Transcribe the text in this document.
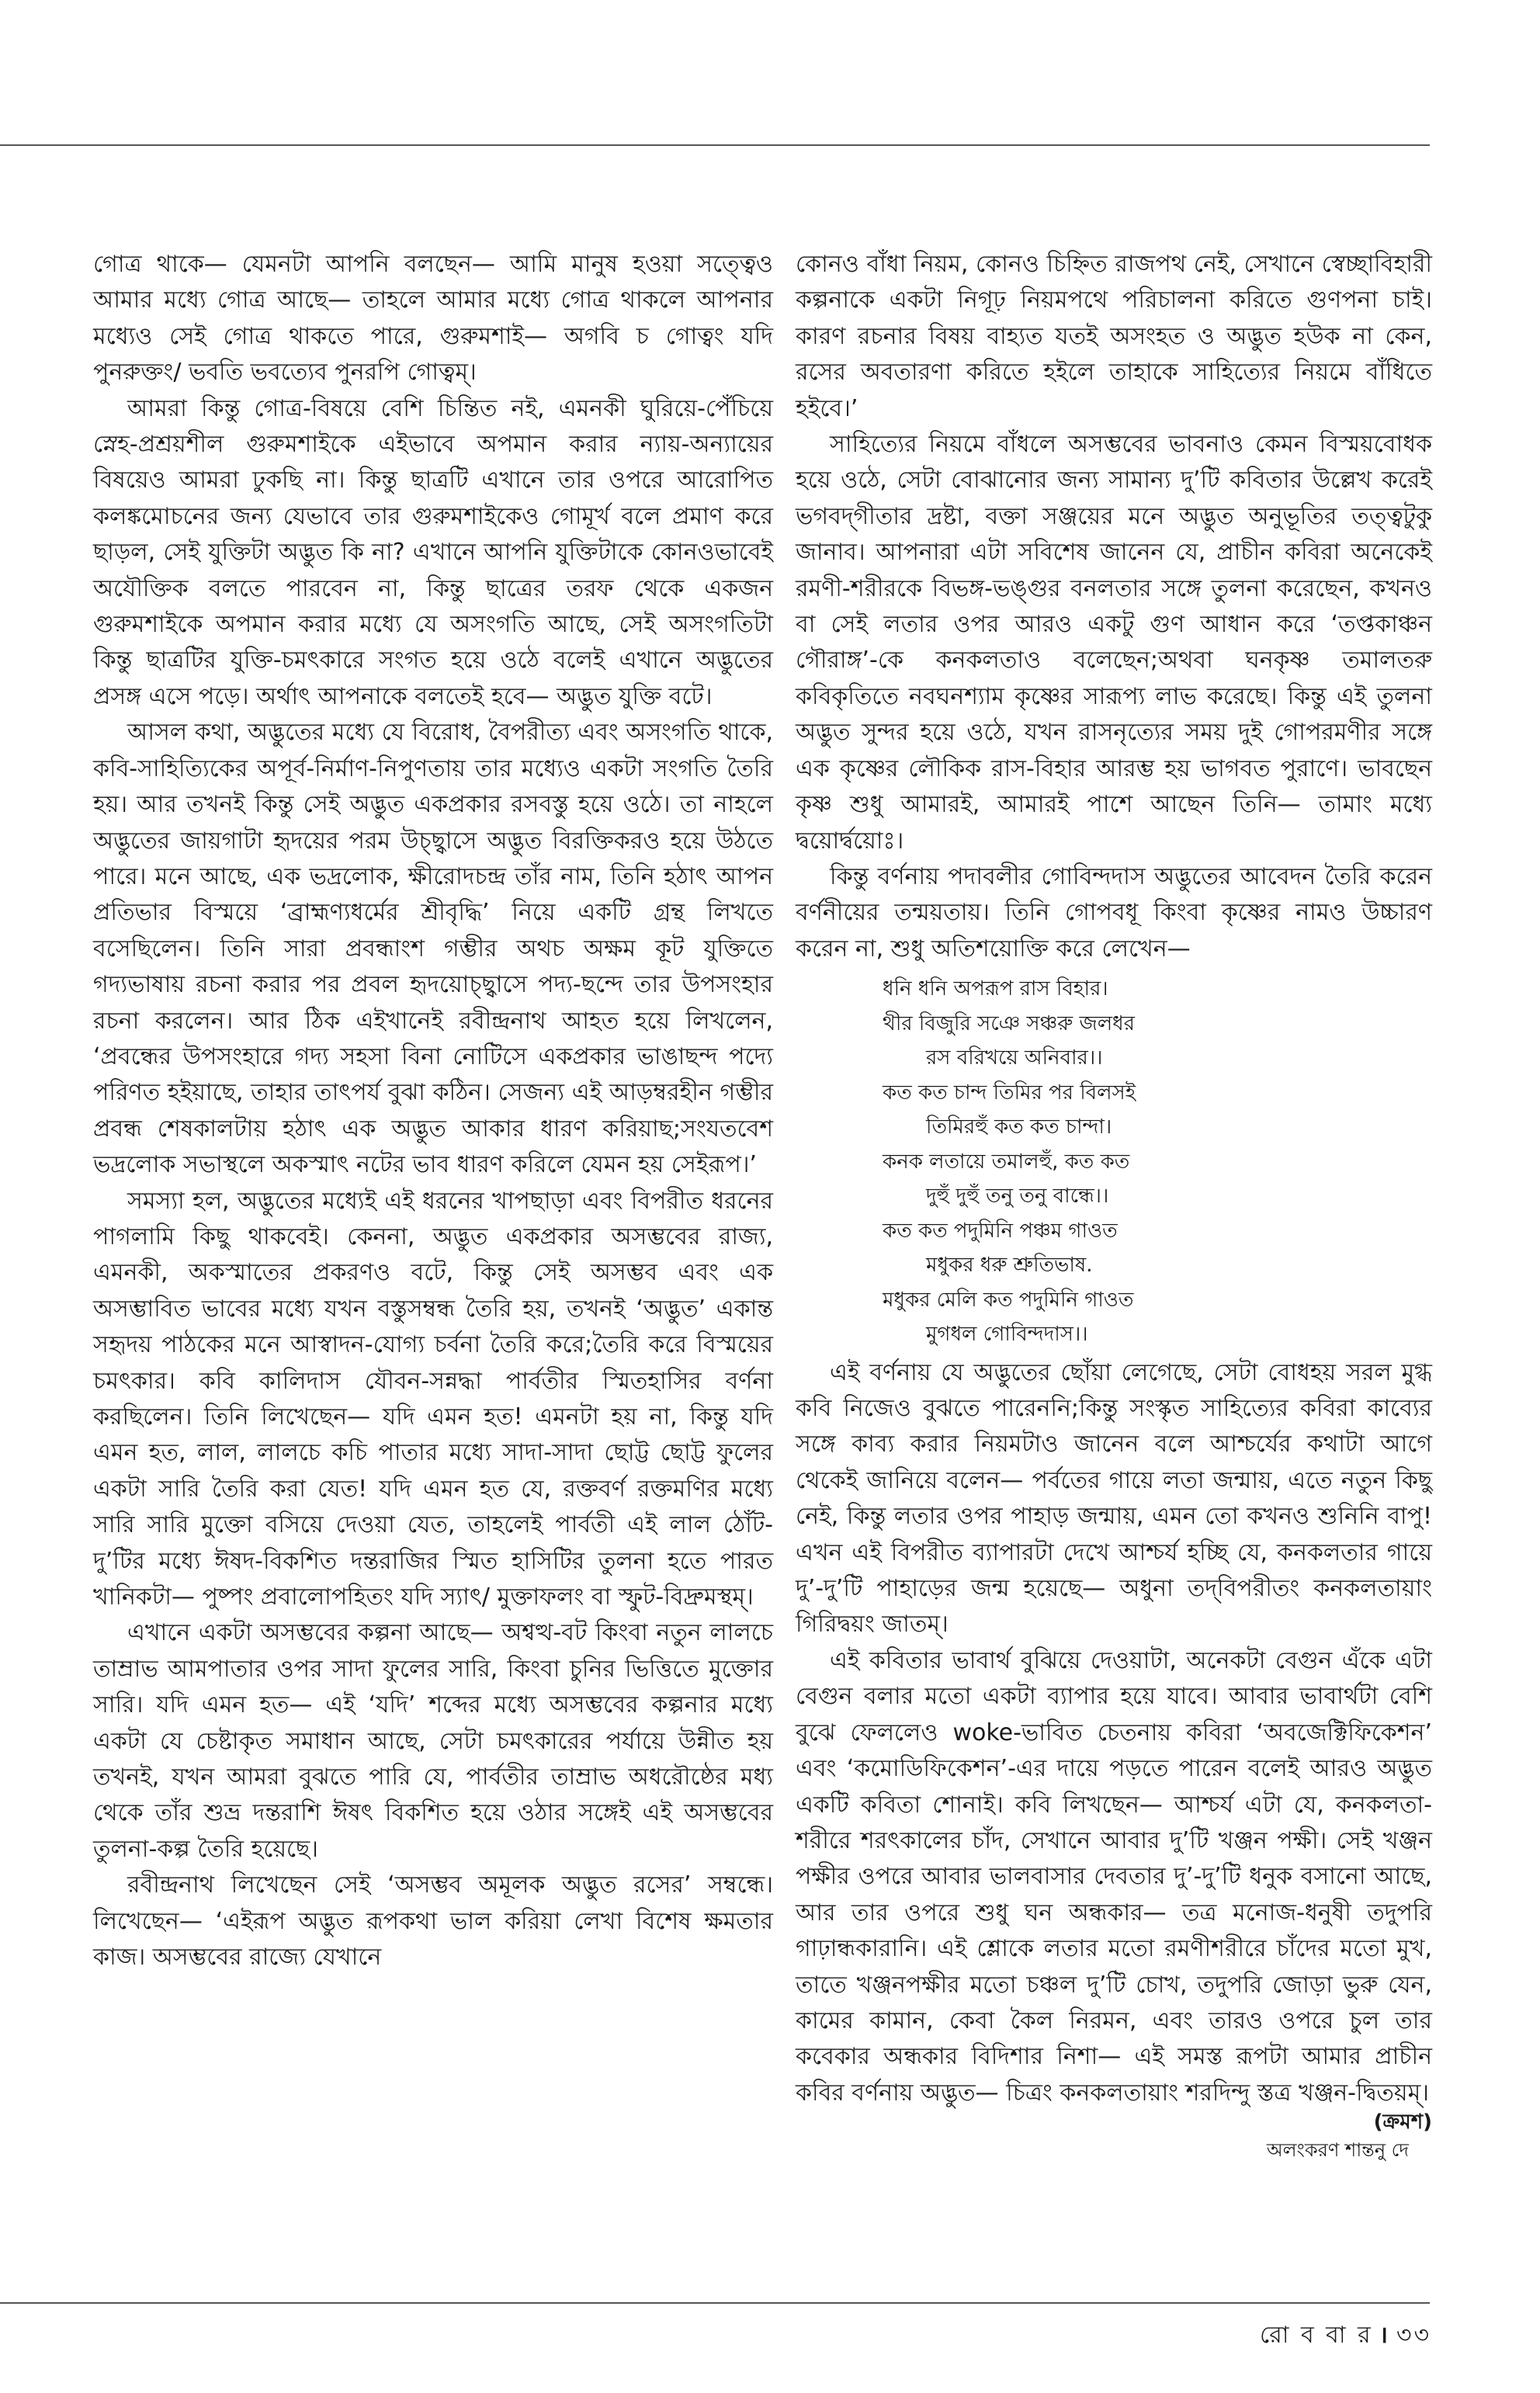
গোত্র থাকে— যেমনটা আপনি বলছেন— আমি মানুষ হওয়া সত্ত্বেও আমার মধ্যে গোত্র আছে— তাহলে আমার মধ্যে গোত্র থাকলে আপনার মধ্যেও সেই গোত্র থাকতে পারে, গুরুমশাই— অগবি চ গোত্বং যদি পুনরুক্তং/ ভবতি ভবত্যেব পুনরপি গোত্বম্।

আমরা কিন্তু গোত্র-বিষয়ে বেশি চিন্তিত নই, এমনকী ঘুরিয়ে-পেঁচিয়ে স্নেহ-প্রশ্রয়শীল গুরুমশাইকে এইভাবে অপমান করার ন্যায়-অন্যায়ের বিষয়েও আমরা ঢুকছি না। কিন্তু ছাত্রটি এখানে তার ওপরে আরোপিত কলঙ্কমোচনের জন্য যেভাবে তার গুরুমশাইকেও গোমূর্খ বলে প্রমাণ করে ছাড়ল, সেই যুক্তিটা অদ্ভুত কি না? এখানে আপনি যুক্তিটাকে কোনওভাবেই অযৌক্তিক বলতে পারবেন না, কিন্তু ছাত্রের তরফ থেকে একজন গুরুমশাইকে অপমান করার মধ্যে যে অসংগতি আছে, সেই অসংগতিটা কিন্তু ছাত্রটির যুক্তি-চমৎকারে সংগত হয়ে ওঠে বলেই এখানে অদ্ভুতের প্রসঙ্গ এসে পড়ে। অর্থাৎ আপনাকে বলতেই হবে— অদ্ভুত যুক্তি বটে।

আসল কথা, অদ্ভুতের মধ্যে যে বিরোধ, বৈপরীত্য এবং অসংগতি থাকে, কবি-সাহিত্যিকের অপূর্ব-নির্মাণ-নিপুণতায় তার মধ্যেও একটা সংগতি তৈরি হয়। আর তখনই কিন্তু সেই অদ্ভুত একপ্রকার রসবস্তু হয়ে ওঠে। তা নাহলে অদ্ভুতের জায়গাটা হৃদয়ের পরম উচ্ছ্বাসে অদ্ভুত বিরক্তিকরও হয়ে উঠতে পারে। মনে আছে, এক ভদ্রলোক, ক্ষীরোদচন্দ্র তাঁর নাম, তিনি হঠাৎ আপন প্রতিভার বিস্ময়ে ‘ব্রাহ্মণ্যধর্মের শ্রীবৃদ্ধি’ নিয়ে একটি গ্রন্থ লিখতে বসেছিলেন। তিনি সারা প্রবন্ধাংশ গম্ভীর অথচ অক্ষম কূট যুক্তিতে গদ্যভাষায় রচনা করার পর প্রবল হৃদয়োচ্ছ্বাসে পদ্য-ছন্দে তার উপসংহার রচনা করলেন। আর ঠিক এইখানেই রবীন্দ্রনাথ আহত হয়ে লিখলেন, ‘প্রবন্ধের উপসংহারে গদ্য সহসা বিনা নোটিসে একপ্রকার ভাঙাছন্দ পদ্যে পরিণত হইয়াছে, তাহার তাৎপর্য বুঝা কঠিন। সেজন্য এই আড়ম্বরহীন গম্ভীর প্রবন্ধ শেষকালটায় হঠাৎ এক অদ্ভুত আকার ধারণ করিয়াছ;সংযতবেশ ভদ্রলোক সভাস্থলে অকস্মাৎ নটের ভাব ধারণ করিলে যেমন হয় সেইরূপ।’

সমস্যা হল, অদ্ভুতের মধ্যেই এই ধরনের খাপছাড়া এবং বিপরীত ধরনের পাগলামি কিছু থাকবেই। কেননা, অদ্ভুত একপ্রকার অসম্ভবের রাজ্য, এমনকী, অকস্মাতের প্রকরণও বটে, কিন্তু সেই অসম্ভব এবং এক অসম্ভাবিত ভাবের মধ্যে যখন বস্তুসম্বন্ধ তৈরি হয়, তখনই ‘অদ্ভুত’ একান্ত সহৃদয় পাঠকের মনে আস্বাদন-যোগ্য চর্বনা তৈরি করে;তৈরি করে বিস্ময়ের চমৎকার। কবি কালিদাস যৌবন-সন্নদ্ধা পার্বতীর স্মিতহাসির বর্ণনা করছিলেন। তিনি লিখেছেন— যদি এমন হত! এমনটা হয় না, কিন্তু যদি এমন হত, লাল, লালচে কচি পাতার মধ্যে সাদা-সাদা ছোট্ট ছোট্ট ফুলের একটা সারি তৈরি করা যেত! যদি এমন হত যে, রক্তবর্ণ রক্তমণির মধ্যে সারি সারি মুক্তো বসিয়ে দেওয়া যেত, তাহলেই পার্বতী এই লাল ঠোঁট-দু’টির মধ্যে ঈষদ-বিকশিত দন্তরাজির স্মিত হাসিটির তুলনা হতে পারত খানিকটা— পুষ্পং প্রবালোপহিতং যদি স্যাৎ/ মুক্তাফলং বা স্ফুট-বিদ্রুমস্থম্।

এখানে একটা অসম্ভবের কল্পনা আছে— অশ্বত্থ-বট কিংবা নতুন লালচে তাম্রাভ আমপাতার ওপর সাদা ফুলের সারি, কিংবা চুনির ভিত্তিতে মুক্তোর সারি। যদি এমন হত— এই ‘যদি’ শব্দের মধ্যে অসম্ভবের কল্পনার মধ্যে একটা যে চেষ্টাকৃত সমাধান আছে, সেটা চমৎকারের পর্যায়ে উন্নীত হয় তখনই, যখন আমরা বুঝতে পারি যে, পার্বতীর তাম্রাভ অধরৌষ্ঠের মধ্য থেকে তাঁর শুভ্র দন্তরাশি ঈষৎ বিকশিত হয়ে ওঠার সঙ্গেই এই অসম্ভবের তুলনা-কল্প তৈরি হয়েছে।

রবীন্দ্রনাথ লিখেছেন সেই ‘অসম্ভব অমূলক অদ্ভুত রসের’ সম্বন্ধে। লিখেছেন— ‘এইরূপ অদ্ভুত রূপকথা ভাল করিয়া লেখা বিশেষ ক্ষমতার কাজ। অসম্ভবের রাজ্যে যেখানে

কোনও বাঁধা নিয়ম, কোনও চিহ্নিত রাজপথ নেই, সেখানে স্বেচ্ছাবিহারী কল্পনাকে একটা নিগূঢ় নিয়মপথে পরিচালনা করিতে গুণপনা চাই। কারণ রচনার বিষয় বাহ্যত যতই অসংহত ও অদ্ভুত হউক না কেন, রসের অবতারণা করিতে হইলে তাহাকে সাহিত্যের নিয়মে বাঁধিতে হইবে।’

সাহিত্যের নিয়মে বাঁধলে অসম্ভবের ভাবনাও কেমন বিস্ময়বোধক হয়ে ওঠে, সেটা বোঝানোর জন্য সামান্য দু’টি কবিতার উল্লেখ করেই ভগবদ্‌গীতার দ্রষ্টা, বক্তা সঞ্জয়ের মনে অদ্ভুত অনুভূতির তত্ত্বটুকু জানাব। আপনারা এটা সবিশেষ জানেন যে, প্রাচীন কবিরা অনেকেই রমণী-শরীরকে বিভঙ্গ-ভঙ্গুর বনলতার সঙ্গে তুলনা করেছেন, কখনও বা সেই লতার ওপর আরও একটু গুণ আধান করে ‘তপ্তকাঞ্চন গৌরাঙ্গ’-কে কনকলতাও বলেছেন;অথবা ঘনকৃষ্ণ তমালতরু কবিকৃতিতে নবঘনশ্যাম কৃষ্ণের সারূপ্য লাভ করেছে। কিন্তু এই তুলনা অদ্ভুত সুন্দর হয়ে ওঠে, যখন রাসনৃত্যের সময় দুই গোপরমণীর সঙ্গে এক কৃষ্ণের লৌকিক রাস-বিহার আরম্ভ হয় ভাগবত পুরাণে। ভাবছেন কৃষ্ণ শুধু আমারই, আমারই পাশে আছেন তিনি— তামাং মধ্যে দ্বয়োর্দ্বয়োঃ।

কিন্তু বর্ণনায় পদাবলীর গোবিন্দদাস অদ্ভুতের আবেদন তৈরি করেন বর্ণনীয়ের তন্ময়তায়। তিনি গোপবধূ কিংবা কৃষ্ণের নামও উচ্চারণ করেন না, শুধু অতিশয়োক্তি করে লেখেন—

ধনি ধনি অপরূপ রাস বিহার।
থীর বিজুরি সঞে সঞ্চরু জলধর
রস বরিখয়ে অনিবার।।
কত কত চান্দ তিমির পর বিলসই
তিমিরহুঁ কত কত চান্দা।
কনক লতায়ে তমালহুঁ, কত কত
দুহুঁ দুহুঁ তনু তনু বান্ধে।।
কত কত পদুমিনি পঞ্চম গাওত
মধুকর ধরু শ্রুতিভাষ.
মধুকর মেলি কত পদুমিনি গাওত
মুগধল গোবিন্দদাস।।

এই বর্ণনায় যে অদ্ভুতের ছোঁয়া লেগেছে, সেটা বোধহয় সরল মুগ্ধ কবি নিজেও বুঝতে পারেননি;কিন্তু সংস্কৃত সাহিত্যের কবিরা কাব্যের সঙ্গে কাব্য করার নিয়মটাও জানেন বলে আশ্চর্যের কথাটা আগে থেকেই জানিয়ে বলেন— পর্বতের গায়ে লতা জন্মায়, এতে নতুন কিছু নেই, কিন্তু লতার ওপর পাহাড় জন্মায়, এমন তো কখনও শুনিনি বাপু! এখন এই বিপরীত ব্যাপারটা দেখে আশ্চর্য হচ্ছি যে, কনকলতার গায়ে দু’-দু’টি পাহাড়ের জন্ম হয়েছে— অধুনা তদ্‌বিপরীতং কনকলতায়াং গিরিদ্বয়ং জাতম্।

এই কবিতার ভাবার্থ বুঝিয়ে দেওয়াটা, অনেকটা বেগুন এঁকে এটা বেগুন বলার মতো একটা ব্যাপার হয়ে যাবে। আবার ভাবার্থটা বেশি বুঝে ফেললেও woke-ভাবিত চেতনায় কবিরা ‘অবজেক্টিফিকেশন’ এবং ‘কমোডিফিকেশন’-এর দায়ে পড়তে পারেন বলেই আরও অদ্ভুত একটি কবিতা শোনাই। কবি লিখছেন— আশ্চর্য এটা যে, কনকলতা-শরীরে শরৎকালের চাঁদ, সেখানে আবার দু’টি খঞ্জন পক্ষী। সেই খঞ্জন পক্ষীর ওপরে আবার ভালবাসার দেবতার দু’-দু’টি ধনুক বসানো আছে, আর তার ওপরে শুধু ঘন অন্ধকার— তত্র মনোজ-ধনুষী তদুপরি গাঢ়ান্ধকারানি। এই শ্লোকে লতার মতো রমণীশরীরে চাঁদের মতো মুখ, তাতে খঞ্জনপক্ষীর মতো চঞ্চল দু’টি চোখ, তদুপরি জোড়া ভুরু যেন, কামের কামান, কেবা কৈল নিরমন, এবং তারও ওপরে চুল তার কবেকার অন্ধকার বিদিশার নিশা— এই সমস্ত রূপটা আমার প্রাচীন কবির বর্ণনায় অদ্ভুত— চিত্রং কনকলতায়াং শরদিন্দু স্তত্র খঞ্জন-দ্বিতয়ম্।

(ক্রমশ)
অলংকরণ শান্তনু দে
রো ব বা র । ৩৩
